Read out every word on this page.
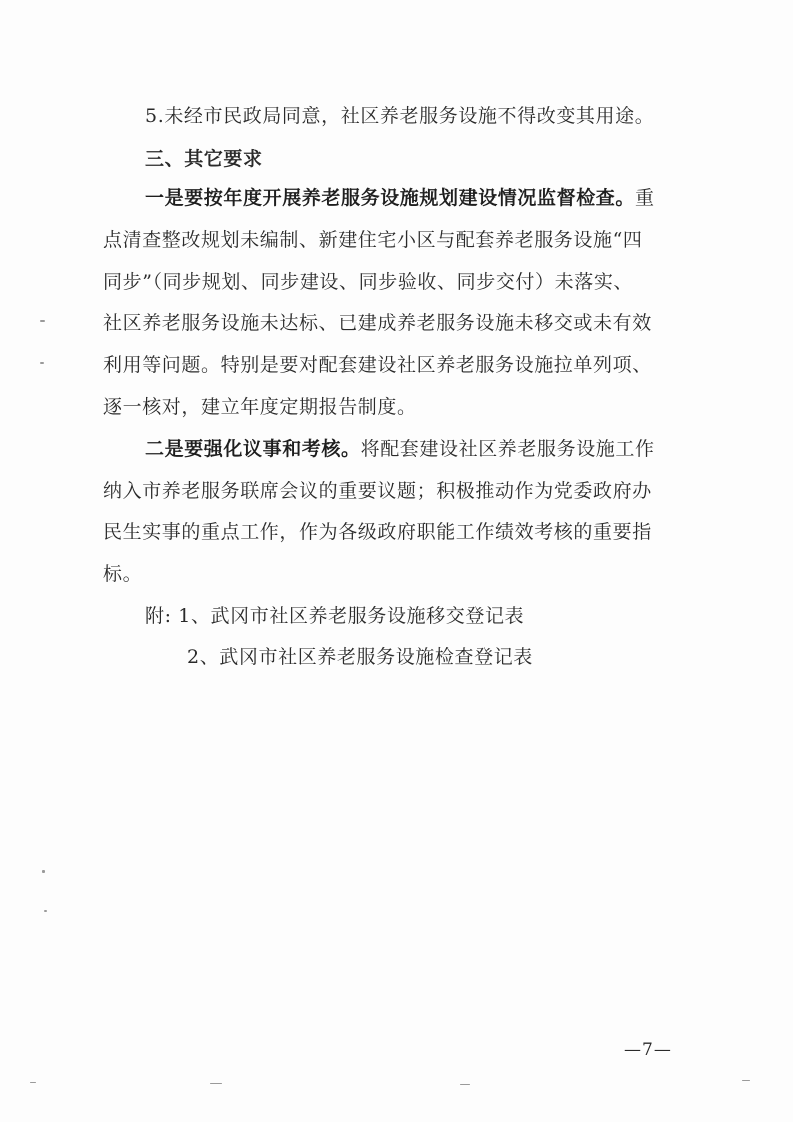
5.未经市民政局同意，社区养老服务设施不得改变其用途。
三、其它要求
一是要按年度开展养老服务设施规划建设情况监督检查。重
点清查整改规划未编制、新建住宅小区与配套养老服务设施“四
同步”（同步规划、同步建设、同步验收、同步交付）未落实、
社区养老服务设施未达标、已建成养老服务设施未移交或未有效
利用等问题。特别是要对配套建设社区养老服务设施拉单列项、
逐一核对，建立年度定期报告制度。
二是要强化议事和考核。将配套建设社区养老服务设施工作
纳入市养老服务联席会议的重要议题；积极推动作为党委政府办
民生实事的重点工作，作为各级政府职能工作绩效考核的重要指
标。
附: 1、武冈市社区养老服务设施移交登记表
2、武冈市社区养老服务设施检查登记表
—7—
